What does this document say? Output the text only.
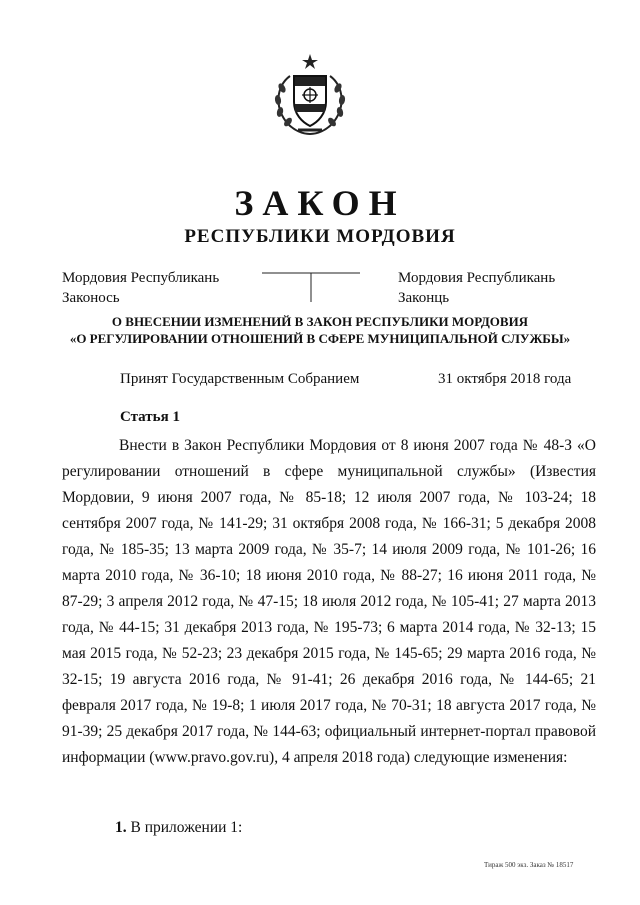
ЗАКОН
РЕСПУБЛИКИ МОРДОВИЯ
Мордовия Республикань
Законось
Мордовия Республикань
Законць
О ВНЕСЕНИИ ИЗМЕНЕНИЙ В ЗАКОН РЕСПУБЛИКИ МОРДОВИЯ
«О РЕГУЛИРОВАНИИ ОТНОШЕНИЙ В СФЕРЕ МУНИЦИПАЛЬНОЙ СЛУЖБЫ»
Принят Государственным Собранием	31 октября 2018 года
Статья 1
Внести в Закон Республики Мордовия от 8 июня 2007 года № 48-З «О регулировании отношений в сфере муниципальной службы» (Известия Мордовии, 9 июня 2007 года, № 85-18; 12 июля 2007 года, № 103-24; 18 сентября 2007 года, № 141-29; 31 октября 2008 года, № 166-31; 5 декабря 2008 года, № 185-35; 13 марта 2009 года, № 35-7; 14 июля 2009 года, № 101-26; 16 марта 2010 года, № 36-10; 18 июня 2010 года, № 88-27; 16 июня 2011 года, № 87-29; 3 апреля 2012 года, № 47-15; 18 июля 2012 года, № 105-41; 27 марта 2013 года, № 44-15; 31 декабря 2013 года, № 195-73; 6 марта 2014 года, № 32-13; 15 мая 2015 года, № 52-23; 23 декабря 2015 года, № 145-65; 29 марта 2016 года, № 32-15; 19 августа 2016 года, № 91-41; 26 декабря 2016 года, № 144-65; 21 февраля 2017 года, № 19-8; 1 июля 2017 года, № 70-31; 18 августа 2017 года, № 91-39; 25 декабря 2017 года, № 144-63; официальный интернет-портал правовой информации (www.pravo.gov.ru), 4 апреля 2018 года) следующие изменения:
1. В приложении 1:
Тираж 500 экз. Заказ № 18517
